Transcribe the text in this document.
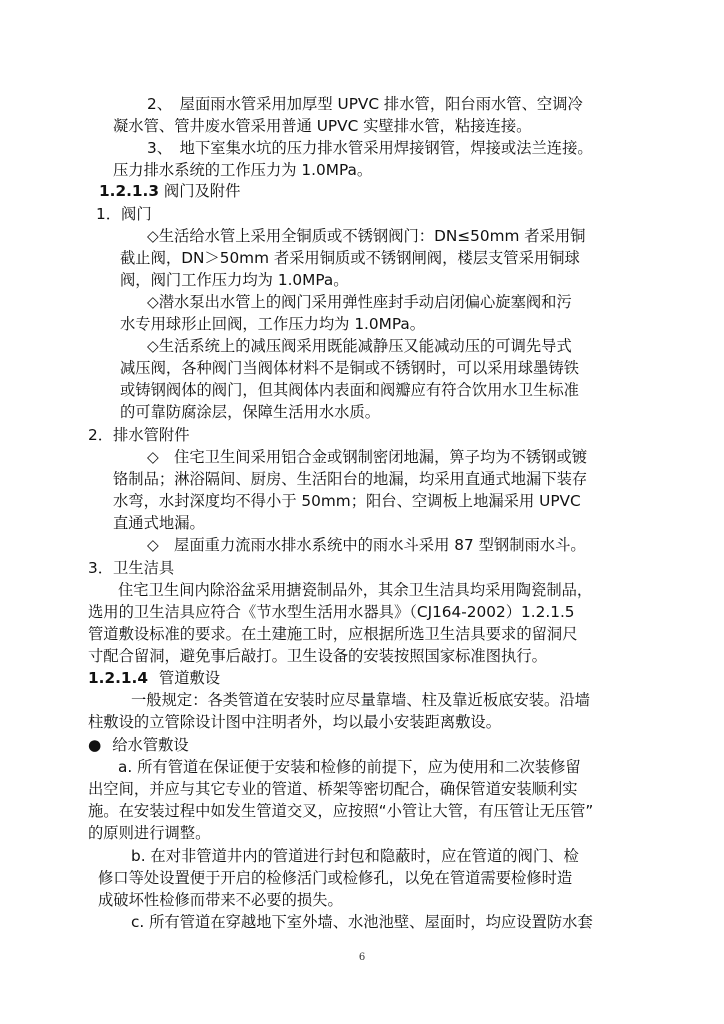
2、　屋面雨水管采用加厚型 UPVC 排水管，阳台雨水管、空调冷
凝水管、管井废水管采用普通 UPVC 实壁排水管，粘接连接。
3、　地下室集水坑的压力排水管采用焊接钢管，焊接或法兰连接。
压力排水系统的工作压力为 1.0MPa。
1.2.1.3 阀门及附件
1．阀门
◇生活给水管上采用全铜质或不锈钢阀门：DN≤50mm 者采用铜
截止阀，DN＞50mm 者采用铜质或不锈钢闸阀，楼层支管采用铜球
阀，阀门工作压力均为 1.0MPa。
◇潜水泵出水管上的阀门采用弹性座封手动启闭偏心旋塞阀和污
水专用球形止回阀，工作压力均为 1.0MPa。
◇生活系统上的减压阀采用既能减静压又能减动压的可调先导式
减压阀，各种阀门当阀体材料不是铜或不锈钢时，可以采用球墨铸铁
或铸钢阀体的阀门，但其阀体内表面和阀瓣应有符合饮用水卫生标准
的可靠防腐涂层，保障生活用水水质。
2．排水管附件
◇　住宅卫生间采用铝合金或钢制密闭地漏，箅子均为不锈钢或镀
铬制品；淋浴隔间、厨房、生活阳台的地漏，均采用直通式地漏下装存
水弯，水封深度均不得小于 50mm；阳台、空调板上地漏采用 UPVC
直通式地漏。
◇　屋面重力流雨水排水系统中的雨水斗采用 87 型钢制雨水斗。
3．卫生洁具
住宅卫生间内除浴盆采用搪瓷制品外，其余卫生洁具均采用陶瓷制品，
选用的卫生洁具应符合《节水型生活用水器具》（CJ164-2002）1.2.1.5
管道敷设标准的要求。在土建施工时，应根据所选卫生洁具要求的留洞尺
寸配合留洞，避免事后敲打。卫生设备的安装按照国家标准图执行。
1.2.1.4 管道敷设
一般规定：各类管道在安装时应尽量靠墙、柱及靠近板底安装。沿墙
柱敷设的立管除设计图中注明者外，均以最小安装距离敷设。
● 给水管敷设
a. 所有管道在保证便于安装和检修的前提下，应为使用和二次装修留
出空间，并应与其它专业的管道、桥架等密切配合，确保管道安装顺利实
施。在安装过程中如发生管道交叉，应按照“小管让大管，有压管让无压管”
的原则进行调整。
b. 在对非管道井内的管道进行封包和隐蔽时，应在管道的阀门、检
修口等处设置便于开启的检修活门或检修孔，以免在管道需要检修时造
成破坏性检修而带来不必要的损失。
c. 所有管道在穿越地下室外墙、水池池壁、屋面时，均应设置防水套
6
